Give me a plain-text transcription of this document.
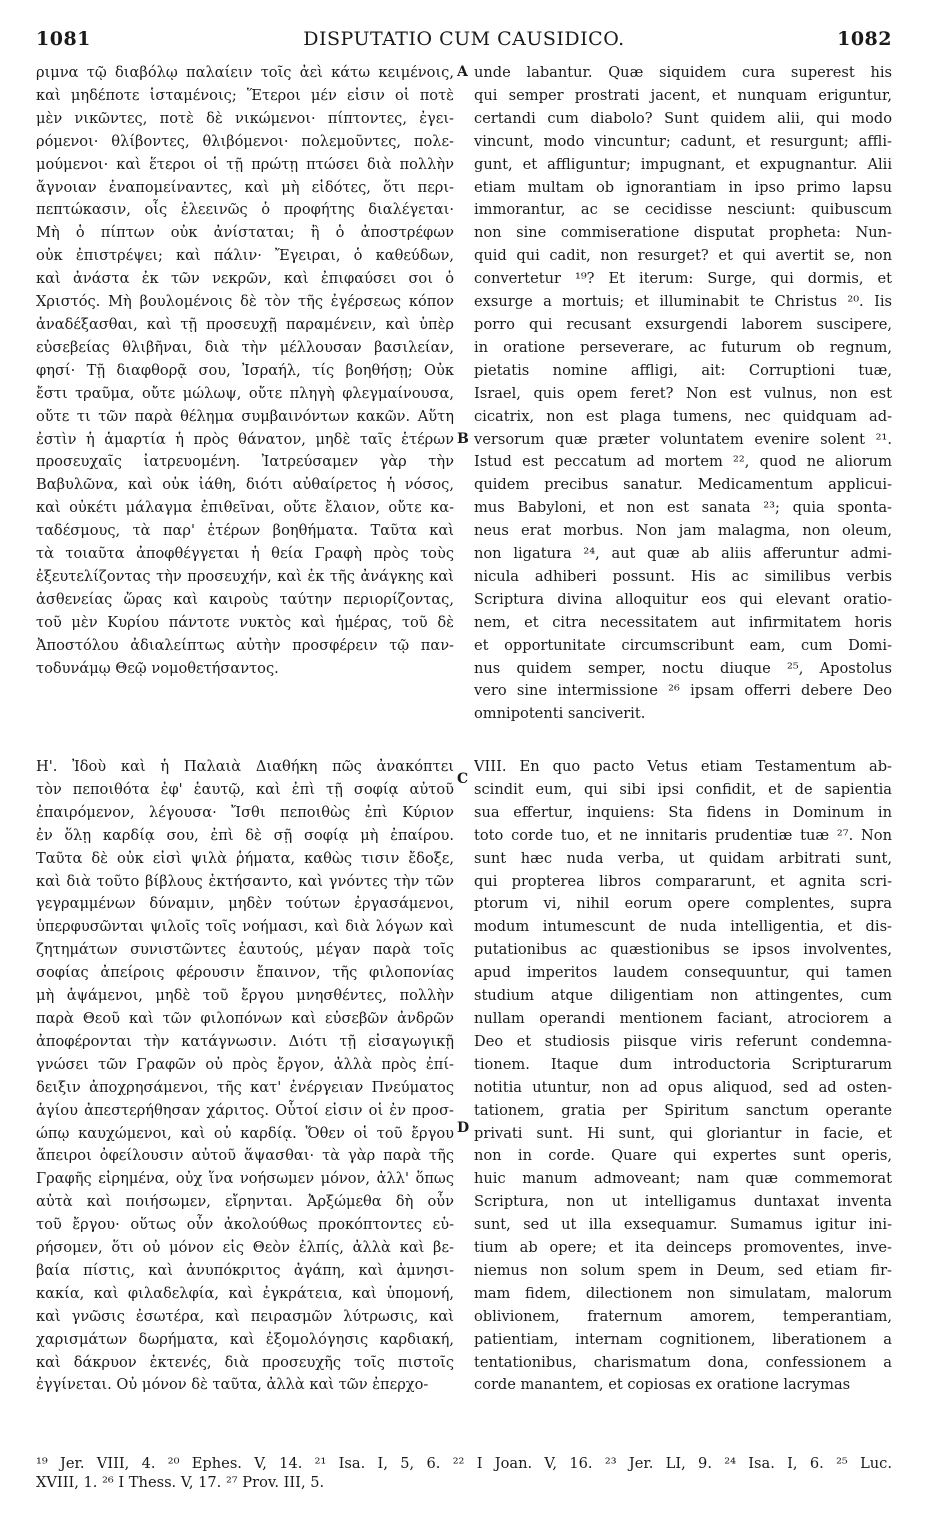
1081	DISPUTATIO CUM CAUSIDICO.	1082
ριμνα τῷ διαβόλῳ παλαίειν τοῖς ἀεὶ κάτω κειμένοις,
καὶ μηδέποτε ἱσταμένοις; Ἕτεροι μέν εἰσιν οἱ ποτὲ
μὲν νικῶντες, ποτὲ δὲ νικώμενοι· πίπτοντες, ἐγει-
ρόμενοι· θλίβοντες, θλιβόμενοι· πολεμοῦντες, πολε-
μούμενοι· καὶ ἕτεροι οἱ τῇ πρώτῃ πτώσει διὰ πολλὴν
ἄγνοιαν ἐναπομείναντες, καὶ μὴ εἰδότες, ὅτι περι-
πεπτώκασιν, οἷς ἐλεεινῶς ὁ προφήτης διαλέγεται·
Μὴ ὁ πίπτων οὐκ ἀνίσταται; ἢ ὁ ἀποστρέφων
οὐκ ἐπιστρέψει; καὶ πάλιν· Ἔγειραι, ὁ καθεύδων,
καὶ ἀνάστα ἐκ τῶν νεκρῶν, καὶ ἐπιφαύσει σοι ὁ
Χριστός. Μὴ βουλομένοις δὲ τὸν τῆς ἐγέρσεως κόπον
ἀναδέξασθαι, καὶ τῇ προσευχῇ παραμένειν, καὶ ὑπὲρ
εὐσεβείας θλιβῆναι, διὰ τὴν μέλλουσαν βασιλείαν,
φησί· Τῇ διαφθορᾷ σου, Ἰσραήλ, τίς βοηθήσῃ; Οὐκ
ἔστι τραῦμα, οὔτε μώλωψ, οὔτε πληγὴ φλεγμαίνουσα,
οὔτε τι τῶν παρὰ θέλημα συμβαινόντων κακῶν. Αὕτη
ἐστὶν ἡ ἁμαρτία ἡ πρὸς θάνατον, μηδὲ ταῖς ἑτέρων
προσευχαῖς ἰατρευομένη. Ἰατρεύσαμεν γὰρ τὴν
Βαβυλῶνα, καὶ οὐκ ἰάθη, διότι αὐθαίρετος ἡ νόσος,
καὶ οὐκέτι μάλαγμα ἐπιθεῖναι, οὔτε ἔλαιον, οὔτε κα-
ταδέσμους, τὰ παρ' ἑτέρων βοηθήματα. Ταῦτα καὶ
τὰ τοιαῦτα ἀποφθέγγεται ἡ θεία Γραφὴ πρὸς τοὺς
ἐξευτελίζοντας τὴν προσευχήν, καὶ ἐκ τῆς ἀνάγκης καὶ
ἀσθενείας ὥρας καὶ καιροὺς ταύτην περιορίζοντας,
τοῦ μὲν Κυρίου πάντοτε νυκτὸς καὶ ἡμέρας, τοῦ δὲ
Ἀποστόλου ἀδιαλείπτως αὐτὴν προσφέρειν τῷ παν-
τοδυνάμῳ Θεῷ νομοθετήσαντος.
unde labantur. Quæ siquidem cura superest his
qui semper prostrati jacent, et nunquam eriguntur,
certandi cum diabolo? Sunt quidem alii, qui modo
vincunt, modo vincuntur; cadunt, et resurgunt; affli-
gunt, et affliguntur; impugnant, et expugnantur. Alii
etiam multam ob ignorantiam in ipso primo lapsu
immorantur, ac se cecidisse nesciunt: quibuscum
non sine commiseratione disputat propheta: Nun-
quid qui cadit, non resurget? et qui avertit se, non
convertetur ¹⁹? Et iterum: Surge, qui dormis, et
exsurge a mortuis; et illuminabit te Christus ²⁰. Iis
porro qui recusant exsurgendi laborem suscipere,
in oratione perseverare, ac futurum ob regnum,
pietatis nomine affligi, ait: Corruptioni tuæ,
Israel, quis opem feret? Non est vulnus, non est
cicatrix, non est plaga tumens, nec quidquam ad-
versorum quæ præter voluntatem evenire solent ²¹.
Istud est peccatum ad mortem ²², quod ne aliorum
quidem precibus sanatur. Medicamentum applicui-
mus Babyloni, et non est sanata ²³; quia sponta-
neus erat morbus. Non jam malagma, non oleum,
non ligatura ²⁴, aut quæ ab aliis afferuntur admi-
nicula adhiberi possunt. His ac similibus verbis
Scriptura divina alloquitur eos qui elevant oratio-
nem, et citra necessitatem aut infirmitatem horis
et opportunitate circumscribunt eam, cum Domi-
nus quidem semper, noctu diuque ²⁵, Apostolus
vero sine intermissione ²⁶ ipsam offerri debere Deo
omnipotenti sanciverit.
Η'. Ἰδοὺ καὶ ἡ Παλαιὰ Διαθήκη πῶς ἀνακόπτει
τὸν πεποιθότα ἐφ' ἑαυτῷ, καὶ ἐπὶ τῇ σοφίᾳ αὐτοῦ
ἐπαιρόμενον, λέγουσα· Ἴσθι πεποιθὼς ἐπὶ Κύριον
ἐν ὅλῃ καρδίᾳ σου, ἐπὶ δὲ σῇ σοφίᾳ μὴ ἐπαίρου.
Ταῦτα δὲ οὐκ εἰσὶ ψιλὰ ῥήματα, καθὼς τισιν ἔδοξε,
καὶ διὰ τοῦτο βίβλους ἐκτήσαντο, καὶ γνόντες τὴν τῶν
γεγραμμένων δύναμιν, μηδὲν τούτων ἐργασάμενοι,
ὑπερφυσῶνται ψιλοῖς τοῖς νοήμασι, καὶ διὰ λόγων καὶ
ζητημάτων συνιστῶντες ἑαυτούς, μέγαν παρὰ τοῖς
σοφίας ἀπείροις φέρουσιν ἔπαινον, τῆς φιλοπονίας
μὴ ἁψάμενοι, μηδὲ τοῦ ἔργου μνησθέντες, πολλὴν
παρὰ Θεοῦ καὶ τῶν φιλοπόνων καὶ εὐσεβῶν ἀνδρῶν
ἀποφέρονται τὴν κατάγνωσιν. Διότι τῇ εἰσαγωγικῇ
γνώσει τῶν Γραφῶν οὐ πρὸς ἔργον, ἀλλὰ πρὸς ἐπί-
δειξιν ἀποχρησάμενοι, τῆς κατ' ἐνέργειαν Πνεύματος
ἁγίου ἀπεστερήθησαν χάριτος. Οὗτοί εἰσιν οἱ ἐν προσ-
ώπῳ καυχώμενοι, καὶ οὐ καρδίᾳ. Ὅθεν οἱ τοῦ ἔργου
ἄπειροι ὀφείλουσιν αὐτοῦ ἅψασθαι· τὰ γὰρ παρὰ τῆς
Γραφῆς εἰρημένα, οὐχ ἵνα νοήσωμεν μόνον, ἀλλ' ὅπως
αὐτὰ καὶ ποιήσωμεν, εἴρηνται. Ἀρξώμεθα δὴ οὖν
τοῦ ἔργου· οὕτως οὖν ἀκολούθως προκόπτοντες εὑ-
ρήσομεν, ὅτι οὐ μόνον εἰς Θεὸν ἐλπίς, ἀλλὰ καὶ βε-
βαία πίστις, καὶ ἀνυπόκριτος ἀγάπη, καὶ ἀμνησι-
κακία, καὶ φιλαδελφία, καὶ ἐγκράτεια, καὶ ὑπομονή,
καὶ γνῶσις ἐσωτέρα, καὶ πειρασμῶν λύτρωσις, καὶ
χαρισμάτων δωρήματα, καὶ ἐξομολόγησις καρδιακή,
καὶ δάκρυον ἐκτενές, διὰ προσευχῆς τοῖς πιστοῖς
ἐγγίνεται. Οὐ μόνον δὲ ταῦτα, ἀλλὰ καὶ τῶν ἐπερχο-
VIII. En quo pacto Vetus etiam Testamentum ab-
scindit eum, qui sibi ipsi confidit, et de sapientia
sua effertur, inquiens: Sta fidens in Dominum in
toto corde tuo, et ne innitaris prudentiæ tuæ ²⁷. Non
sunt hæc nuda verba, ut quidam arbitrati sunt,
qui propterea libros compararunt, et agnita scri-
ptorum vi, nihil eorum opere complentes, supra
modum intumescunt de nuda intelligentia, et dis-
putationibus ac quæstionibus se ipsos involventes,
apud imperitos laudem consequuntur, qui tamen
studium atque diligentiam non attingentes, cum
nullam operandi mentionem faciant, atrociorem a
Deo et studiosis piisque viris referunt condemna-
tionem. Itaque dum introductoria Scripturarum
notitia utuntur, non ad opus aliquod, sed ad osten-
tationem, gratia per Spiritum sanctum operante
privati sunt. Hi sunt, qui gloriantur in facie, et
non in corde. Quare qui expertes sunt operis,
huic manum admoveant; nam quæ commemorat
Scriptura, non ut intelligamus duntaxat inventa
sunt, sed ut illa exsequamur. Sumamus igitur ini-
tium ab opere; et ita deinceps promoventes, inve-
niemus non solum spem in Deum, sed etiam fir-
mam fidem, dilectionem non simulatam, malorum
oblivionem, fraternum amorem, temperantiam,
patientiam, internam cognitionem, liberationem a
tentationibus, charismatum dona, confessionem a
corde manantem, et copiosas ex oratione lacrymas
A
B
C
D
¹⁹ Jer. VIII, 4. ²⁰ Ephes. V, 14. ²¹ Isa. I, 5, 6. ²² I Joan. V, 16. ²³ Jer. LI, 9. ²⁴ Isa. I, 6. ²⁵ Luc.
XVIII, 1. ²⁶ I Thess. V, 17. ²⁷ Prov. III, 5.
